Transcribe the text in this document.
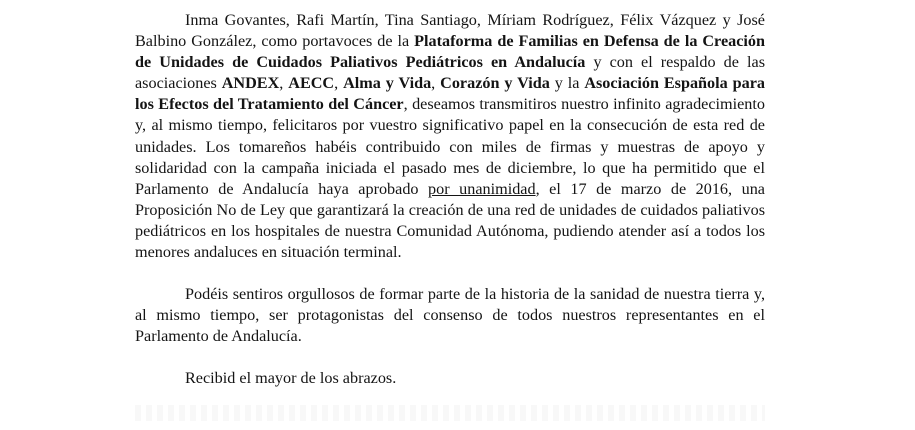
Inma Govantes, Rafi Martín, Tina Santiago, Míriam Rodríguez, Félix Vázquez y José Balbino González, como portavoces de la Plataforma de Familias en Defensa de la Creación de Unidades de Cuidados Paliativos Pediátricos en Andalucía y con el respaldo de las asociaciones ANDEX, AECC, Alma y Vida, Corazón y Vida y la Asociación Española para los Efectos del Tratamiento del Cáncer, deseamos transmitiros nuestro infinito agradecimiento y, al mismo tiempo, felicitaros por vuestro significativo papel en la consecución de esta red de unidades. Los tomareños habéis contribuido con miles de firmas y muestras de apoyo y solidaridad con la campaña iniciada el pasado mes de diciembre, lo que ha permitido que el Parlamento de Andalucía haya aprobado por unanimidad, el 17 de marzo de 2016, una Proposición No de Ley que garantizará la creación de una red de unidades de cuidados paliativos pediátricos en los hospitales de nuestra Comunidad Autónoma, pudiendo atender así a todos los menores andaluces en situación terminal.

Podéis sentiros orgullosos de formar parte de la historia de la sanidad de nuestra tierra y, al mismo tiempo, ser protagonistas del consenso de todos nuestros representantes en el Parlamento de Andalucía.

Recibid el mayor de los abrazos.
